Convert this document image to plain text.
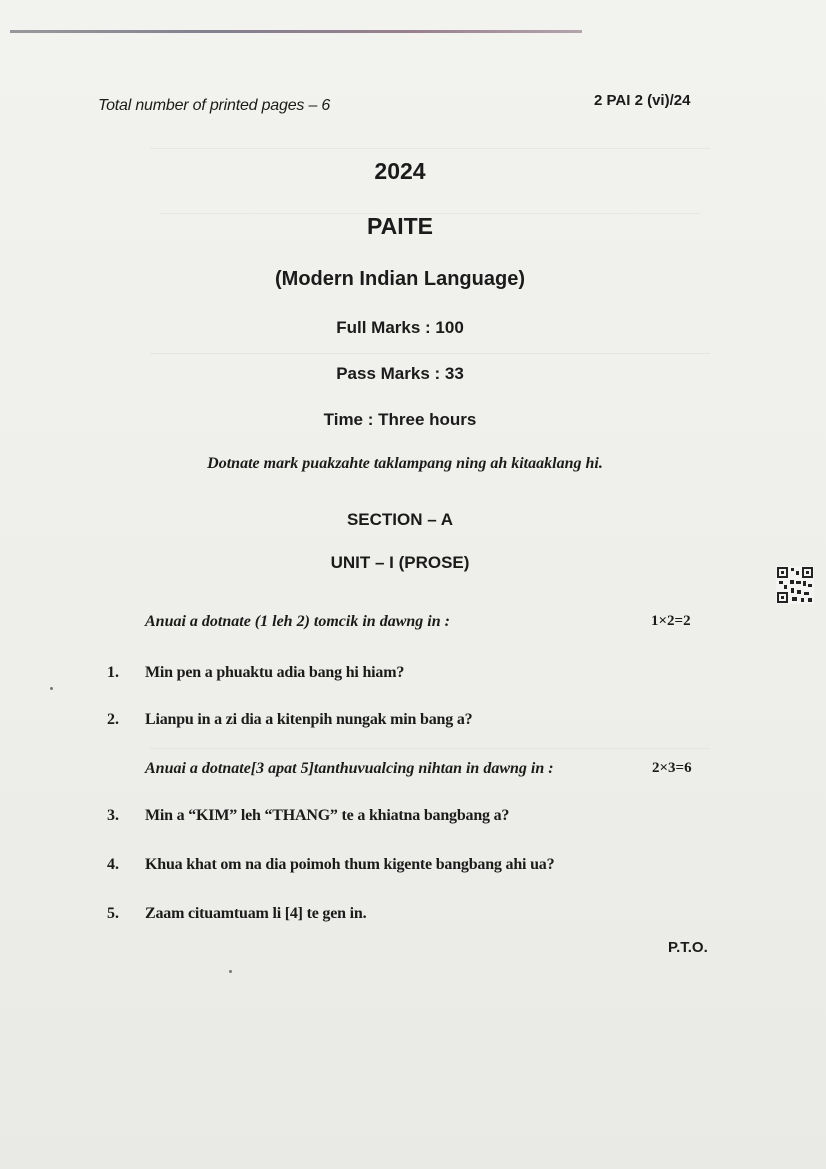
Total number of printed pages – 6	2 PAI 2 (vi)/24
2024
PAITE
(Modern Indian Language)
Full Marks : 100
Pass Marks : 33
Time : Three hours
Dotnate mark puakzahte taklampang ning ah kitaaklang hi.
SECTION – A
UNIT – I (PROSE)
Anuai a dotnate (1 leh 2) tomcik in dawng in :	1×2=2
1. Min pen a phuaktu adia bang hi hiam?
2. Lianpu in a zi dia a kitenpih nungak min bang a?
Anuai a dotnate[3 apat 5]tanthuvualcing nihtan in dawng in :	2×3=6
3. Min a “KIM” leh “THANG” te a khiatna bangbang a?
4. Khua khat om na dia poimoh thum kigente bangbang ahi ua?
5. Zaam cituamtuam li [4] te gen in.
P.T.O.
